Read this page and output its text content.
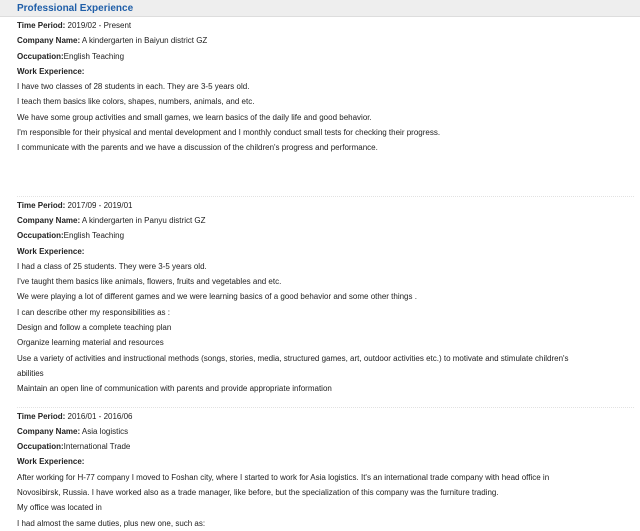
Professional Experience
Time Period: 2019/02 - Present
Company Name: A kindergarten in Baiyun district GZ
Occupation:English Teaching
Work Experience:
I have two classes of 28 students in each. They are 3-5 years old.
I teach them basics like colors, shapes, numbers, animals, and etc.
We have some group activities and small games, we learn basics of the daily life and good behavior.
I'm responsible for their physical and mental development and I monthly conduct small tests for checking their progress.
I communicate with the parents and we have a discussion of the children's progress and performance.
Time Period: 2017/09 - 2019/01
Company Name: A kindergarten in Panyu district GZ
Occupation:English Teaching
Work Experience:
I had a class of 25 students. They were 3-5 years old.
I've taught them basics like animals, flowers, fruits and vegetables and etc.
We were playing a lot of different games and we were learning basics of a good behavior and some other things .
I can describe other my responsibilities as :
Design and follow a complete teaching plan
Organize learning material and resources
Use a variety of activities and instructional methods (songs, stories, media, structured games, art, outdoor activities etc.) to motivate and stimulate children's
abilities
Maintain an open line of communication with parents and provide appropriate information
Time Period: 2016/01 - 2016/06
Company Name: Asia logistics
Occupation:International Trade
Work Experience:
After working for H-77 company I moved to Foshan city, where I started to work for Asia logistics. It's an international trade company with head office in
Novosibirsk, Russia. I have worked also as a trade manager, like before, but the specialization of this company was the furniture trading.
My office was located in
I had almost the same duties, plus new one, such as:
